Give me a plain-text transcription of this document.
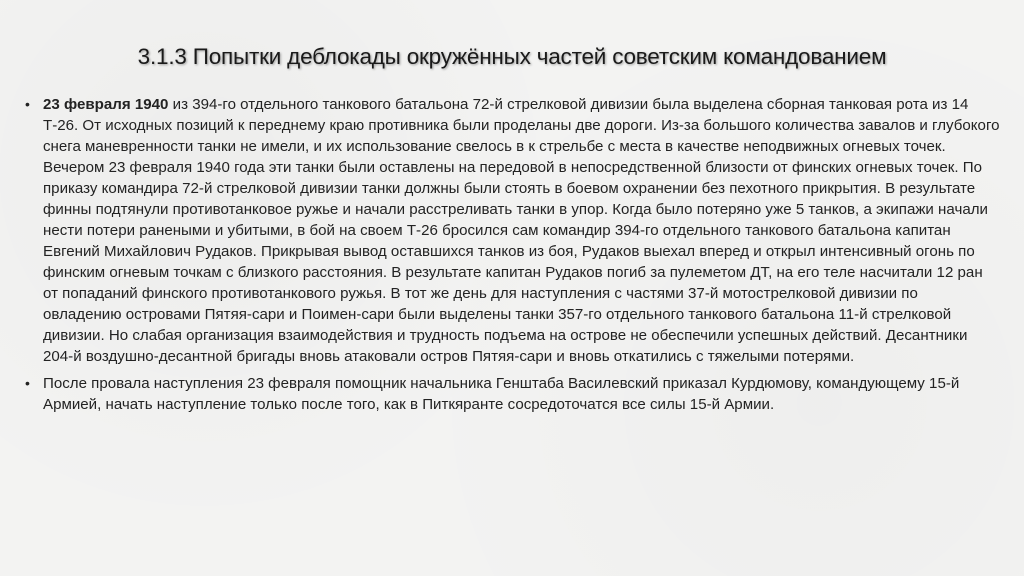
3.1.3 Попытки деблокады окружённых частей советским командованием
• 23 февраля 1940 из 394-го отдельного танкового батальона 72-й стрелковой дивизии была выделена сборная танковая рота из 14 Т-26. От исходных позиций к переднему краю противника были проделаны две дороги. Из-за большого количества завалов и глубокого снега маневренности танки не имели, и их использование свелось в к стрельбе с места в качестве неподвижных огневых точек. Вечером 23 февраля 1940 года эти танки были оставлены на передовой в непосредственной близости от финских огневых точек. По приказу командира 72-й стрелковой дивизии танки должны были стоять в боевом охранении без пехотного прикрытия. В результате финны подтянули противотанковое ружье и начали расстреливать танки в упор. Когда было потеряно уже 5 танков, а экипажи начали нести потери ранеными и убитыми, в бой на своем Т-26 бросился сам командир 394-го отдельного танкового батальона капитан Евгений Михайлович Рудаков. Прикрывая вывод оставшихся танков из боя, Рудаков выехал вперед и открыл интенсивный огонь по финским огневым точкам с близкого расстояния. В результате капитан Рудаков погиб за пулеметом ДТ, на его теле насчитали 12 ран от попаданий финского противотанкового ружья. В тот же день для наступления с частями 37-й мотострелковой дивизии по овладению островами Пятяя-сари и Поимен-сари были выделены танки 357-го отдельного танкового батальона 11-й стрелковой дивизии. Но слабая организация взаимодействия и трудность подъема на острове не обеспечили успешных действий. Десантники 204-й воздушно-десантной бригады вновь атаковали остров Пятяя-сари и вновь откатились с тяжелыми потерями.
• После провала наступления 23 февраля помощник начальника Генштаба Василевский приказал Курдюмову, командующему 15-й Армией, начать наступление только после того, как в Питкяранте сосредоточатся все силы 15-й Армии.
